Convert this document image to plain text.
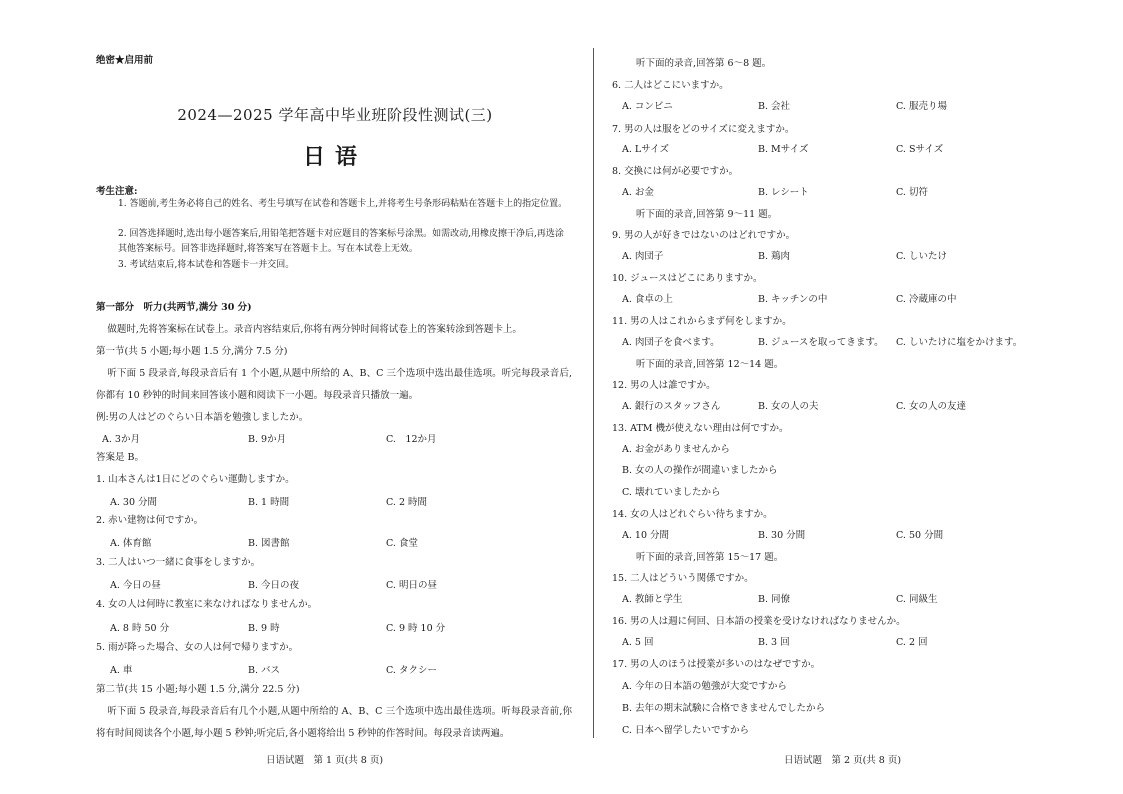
绝密★启用前
2024—2025 学年高中毕业班阶段性测试(三)
日语
考生注意:
1. 答题前,考生务必将自己的姓名、考生号填写在试卷和答题卡上,并将考生号条形码粘贴在答题卡上的指定位置。
2. 回答选择题时,选出每小题答案后,用铅笔把答题卡对应题目的答案标号涂黑。如需改动,用橡皮擦干净后,再选涂其他答案标号。回答非选择题时,将答案写在答题卡上。写在本试卷上无效。
3. 考试结束后,将本试卷和答题卡一并交回。
第一部分　听力(共两节,满分 30 分)
做题时,先将答案标在试卷上。录音内容结束后,你将有两分钟时间将试卷上的答案转涂到答题卡上。
第一节(共 5 小题;每小题 1.5 分,满分 7.5 分)
听下面 5 段录音,每段录音后有 1 个小题,从题中所给的 A、B、C 三个选项中选出最佳选项。听完每段录音后,你都有 10 秒钟的时间来回答该小题和阅读下一小题。每段录音只播放一遍。
例:男の人はどのぐらい日本語を勉強しましたか。
A. 3か月	B. 9か月	C.　12か月
答案是 B。
1. 山本さんは1日にどのぐらい運動しますか。
A. 30 分間	B. 1 時間	C. 2 時間
2. 赤い建物は何ですか。
A. 体育館	B. 図書館	C. 食堂
3. 二人はいつ一緒に食事をしますか。
A. 今日の昼	B. 今日の夜	C. 明日の昼
4. 女の人は何時に教室に来なければなりませんか。
A. 8 時 50 分	B. 9 時	C. 9 時 10 分
5. 雨が降った場合、女の人は何で帰りますか。
A. 車	B. バス	C. タクシー
第二节(共 15 小题;每小题 1.5 分,满分 22.5 分)
听下面 5 段录音,每段录音后有几个小题,从题中所给的 A、B、C 三个选项中选出最佳选项。听每段录音前,你将有时间阅读各个小题,每小题 5 秒钟;听完后,各小题将给出 5 秒钟的作答时间。每段录音读两遍。
日语试题　第 1 页(共 8 页)
听下面的录音,回答第 6～8 题。
6. 二人はどこにいますか。
A. コンビニ	B. 会社	C. 服売り場
7. 男の人は服をどのサイズに変えますか。
A. Lサイズ	B. Mサイズ	C. Sサイズ
8. 交換には何が必要ですか。
A. お金	B. レシート	C. 切符
听下面的录音,回答第 9～11 题。
9. 男の人が好きではないのはどれですか。
A. 肉団子	B. 鶏肉	C. しいたけ
10. ジュースはどこにありますか。
A. 食卓の上	B. キッチンの中	C. 冷蔵庫の中
11. 男の人はこれからまず何をしますか。
A. 肉団子を食べます。	B. ジュースを取ってきます。 C. しいたけに塩をかけます。
听下面的录音,回答第 12～14 题。
12. 男の人は誰ですか。
A. 銀行のスタッフさん	B. 女の人の夫	C. 女の人の友達
13. ATM 機が使えない理由は何ですか。
A. お金がありませんから
B. 女の人の操作が間違いましたから
C. 壊れていましたから
14. 女の人はどれぐらい待ちますか。
A. 10 分間	B. 30 分間	C. 50 分間
听下面的录音,回答第 15～17 题。
15. 二人はどういう関係ですか。
A. 教師と学生	B. 同僚	C. 同級生
16. 男の人は週に何回、日本語の授業を受けなければなりませんか。
A. 5 回	B. 3 回	C. 2 回
17. 男の人のほうは授業が多いのはなぜですか。
A. 今年の日本語の勉強が大変ですから
B. 去年の期末試験に合格できませんでしたから
C. 日本へ留学したいですから
日语试题　第 2 页(共 8 页)
